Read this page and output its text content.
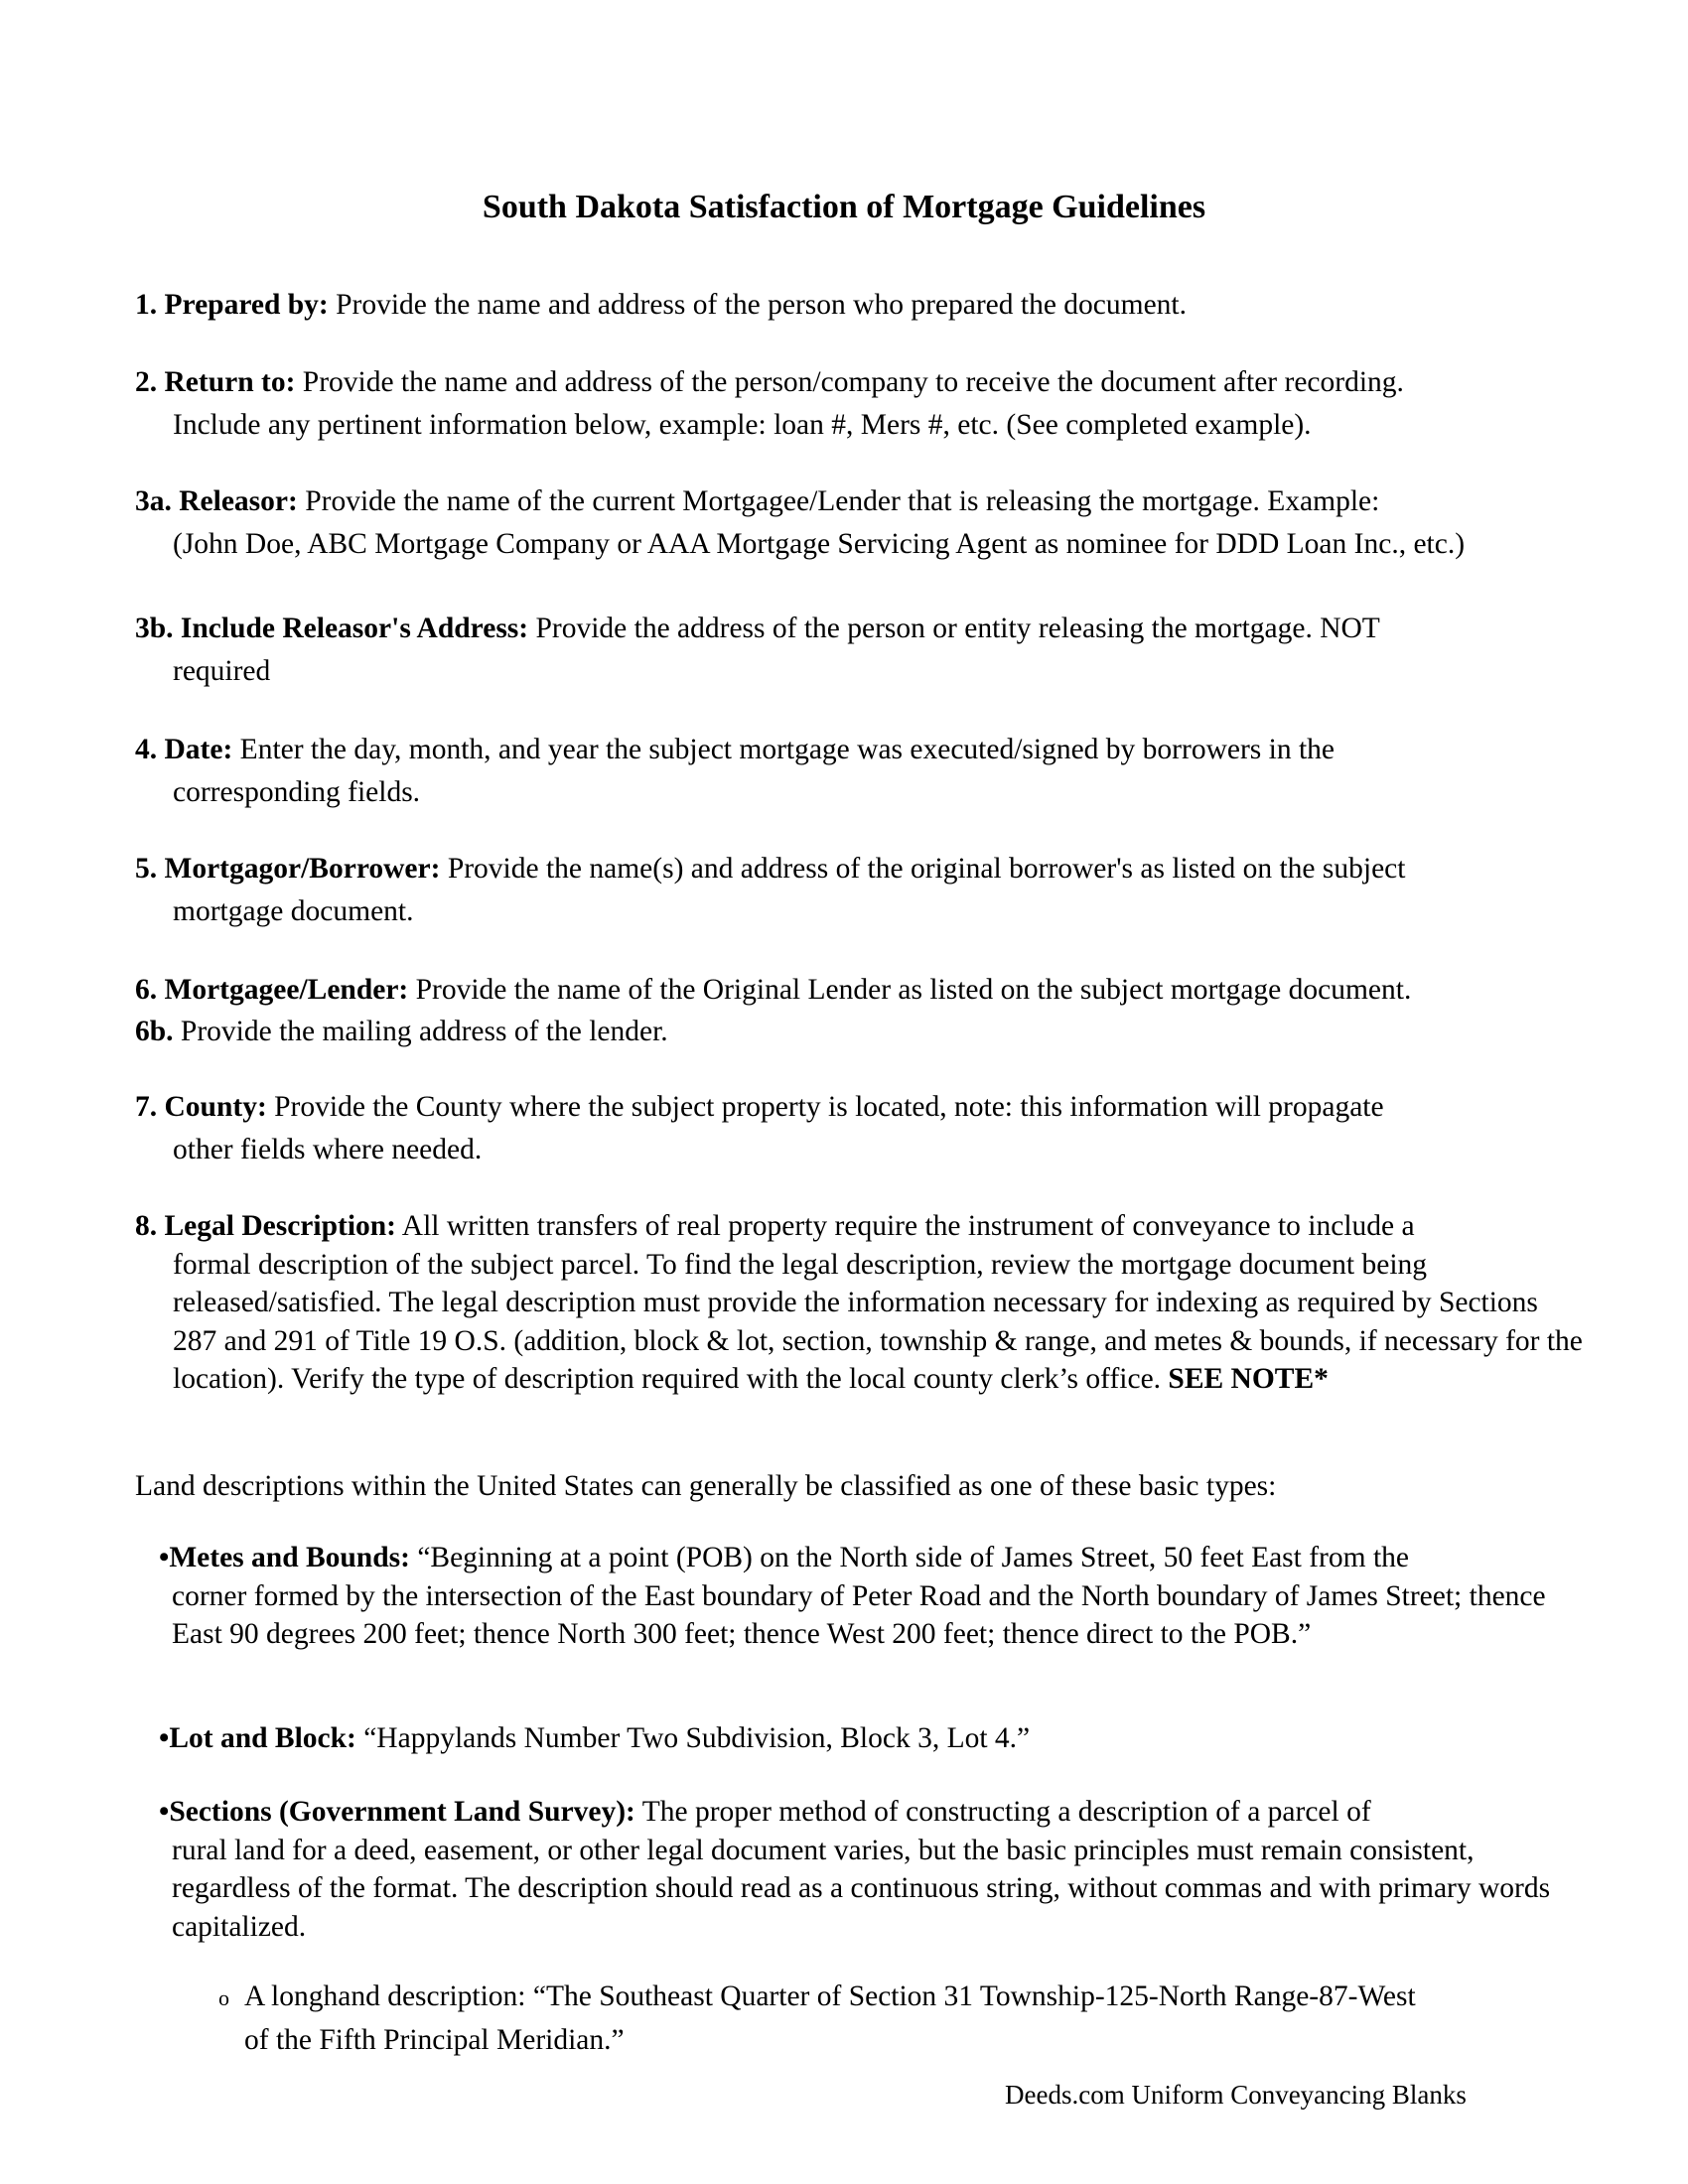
South Dakota Satisfaction of Mortgage Guidelines
1. Prepared by: Provide the name and address of the person who prepared the document.
2. Return to: Provide the name and address of the person/company to receive the document after recording.
Include any pertinent information below, example: loan #, Mers #, etc. (See completed example).
3a. Releasor: Provide the name of the current Mortgagee/Lender that is releasing the mortgage. Example:
(John Doe, ABC Mortgage Company or AAA Mortgage Servicing Agent as nominee for DDD Loan Inc., etc.)
3b. Include Releasor's Address: Provide the address of the person or entity releasing the mortgage. NOT
required
4. Date: Enter the day, month, and year the subject mortgage was executed/signed by borrowers in the
corresponding fields.
5. Mortgagor/Borrower: Provide the name(s) and address of the original borrower's as listed on the subject
mortgage document.
6. Mortgagee/Lender: Provide the name of the Original Lender as listed on the subject mortgage document.
6b. Provide the mailing address of the lender.
7. County: Provide the County where the subject property is located, note: this information will propagate
other fields where needed.
8. Legal Description: All written transfers of real property require the instrument of conveyance to include a
formal description of the subject parcel. To find the legal description, review the mortgage document being released/satisfied. The legal description must provide the information necessary for indexing as required by Sections 287 and 291 of Title 19 O.S. (addition, block & lot, section, township & range, and metes & bounds, if necessary for the location). Verify the type of description required with the local county clerk’s office. SEE NOTE*
Land descriptions within the United States can generally be classified as one of these basic types:
•Metes and Bounds: “Beginning at a point (POB) on the North side of James Street, 50 feet East from the
corner formed by the intersection of the East boundary of Peter Road and the North boundary of James Street; thence East 90 degrees 200 feet; thence North 300 feet; thence West 200 feet; thence direct to the POB.”
•Lot and Block: “Happylands Number Two Subdivision, Block 3, Lot 4.”
•Sections (Government Land Survey): The proper method of constructing a description of a parcel of
rural land for a deed, easement, or other legal document varies, but the basic principles must remain consistent, regardless of the format. The description should read as a continuous string, without commas and with primary words capitalized.
o A longhand description: “The Southeast Quarter of Section 31 Township-125-North Range-87-West
of the Fifth Principal Meridian.”
Deeds.com Uniform Conveyancing Blanks
